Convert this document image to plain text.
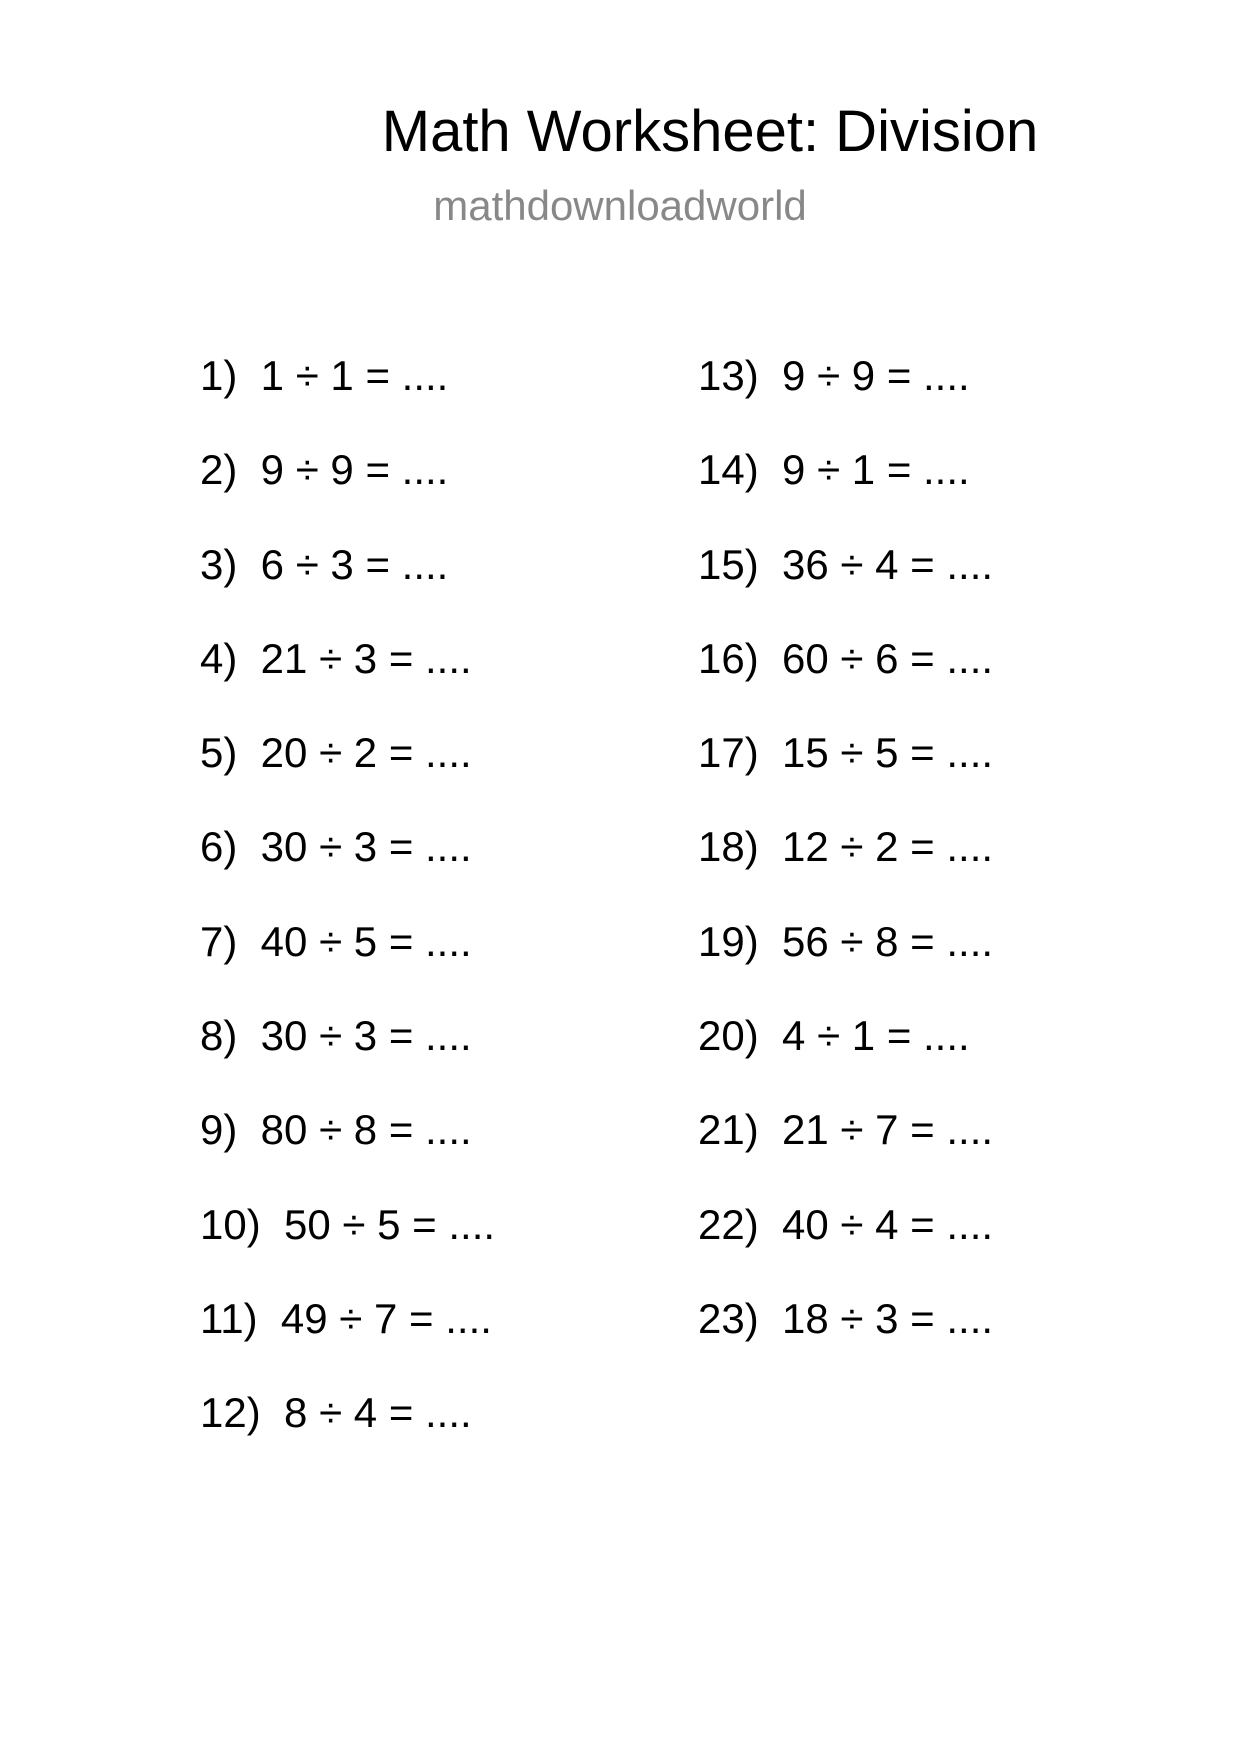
Math Worksheet: Division
mathdownloadworld
1)  1 ÷ 1 = ....
2)  9 ÷ 9 = ....
3)  6 ÷ 3 = ....
4)  21 ÷ 3 = ....
5)  20 ÷ 2 = ....
6)  30 ÷ 3 = ....
7)  40 ÷ 5 = ....
8)  30 ÷ 3 = ....
9)  80 ÷ 8 = ....
10)  50 ÷ 5 = ....
11)  49 ÷ 7 = ....
12)  8 ÷ 4 = ....
13)  9 ÷ 9 = ....
14)  9 ÷ 1 = ....
15)  36 ÷ 4 = ....
16)  60 ÷ 6 = ....
17)  15 ÷ 5 = ....
18)  12 ÷ 2 = ....
19)  56 ÷ 8 = ....
20)  4 ÷ 1 = ....
21)  21 ÷ 7 = ....
22)  40 ÷ 4 = ....
23)  18 ÷ 3 = ....
